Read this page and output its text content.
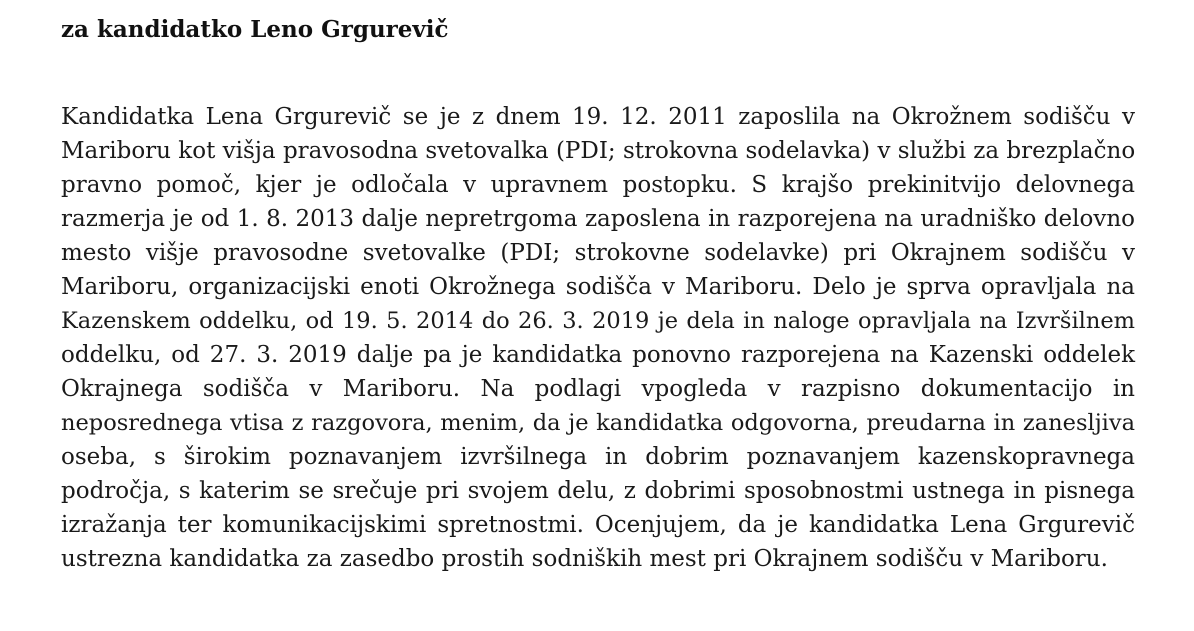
za kandidatko Leno Grgurevič

Kandidatka Lena Grgurevič se je z dnem 19. 12. 2011 zaposlila na Okrožnem sodišču v
Mariboru kot višja pravosodna svetovalka (PDI; strokovna sodelavka) v službi za brezplačno
pravno pomoč, kjer je odločala v upravnem postopku. S krajšo prekinitvijo delovnega
razmerja je od 1. 8. 2013 dalje nepretrgoma zaposlena in razporejena na uradniško delovno
mesto višje pravosodne svetovalke (PDI; strokovne sodelavke) pri Okrajnem sodišču v
Mariboru, organizacijski enoti Okrožnega sodišča v Mariboru. Delo je sprva opravljala na
Kazenskem oddelku, od 19. 5. 2014 do 26. 3. 2019 je dela in naloge opravljala na Izvršilnem
oddelku, od 27. 3. 2019 dalje pa je kandidatka ponovno razporejena na Kazenski oddelek
Okrajnega sodišča v Mariboru. Na podlagi vpogleda v razpisno dokumentacijo in
neposrednega vtisa z razgovora, menim, da je kandidatka odgovorna, preudarna in zanesljiva
oseba, s širokim poznavanjem izvršilnega in dobrim poznavanjem kazenskopravnega
področja, s katerim se srečuje pri svojem delu, z dobrimi sposobnostmi ustnega in pisnega
izražanja ter komunikacijskimi spretnostmi. Ocenjujem, da je kandidatka Lena Grgurevič
ustrezna kandidatka za zasedbo prostih sodniških mest pri Okrajnem sodišču v Mariboru.
